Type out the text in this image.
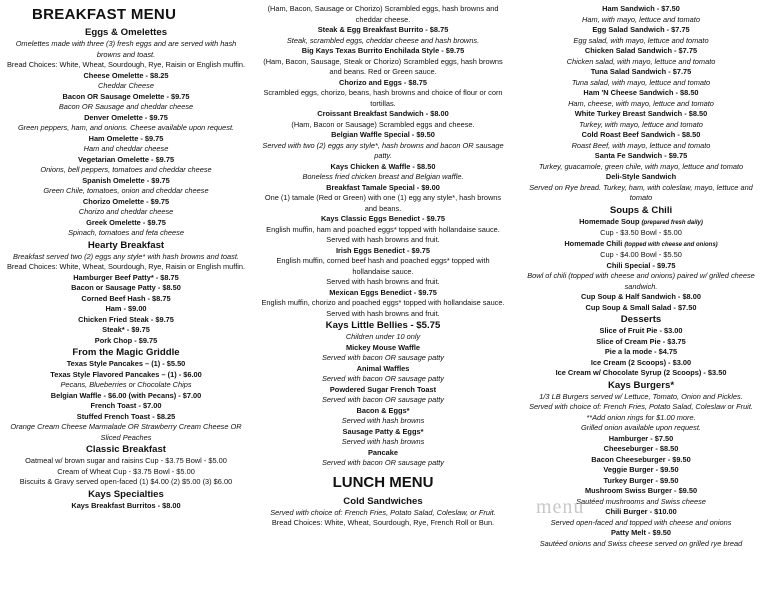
BREAKFAST MENU
Eggs & Omelettes
Omelettes made with three (3) fresh eggs and are served with hash browns and toast.
Bread Choices: White, Wheat, Sourdough, Rye, Raisin or English muffin.
Cheese Omelette - $8.25
Cheddar Cheese
Bacon OR Sausage Omelette - $9.75
Bacon OR Sausage and cheddar cheese
Denver Omelette - $9.75
Green peppers, ham, and onions. Cheese available upon request.
Ham Omelette - $9.75
Ham and cheddar cheese
Vegetarian Omelette - $9.75
Onions, bell peppers, tomatoes and cheddar cheese
Spanish Omelette - $9.75
Green Chile, tomatoes, onion and cheddar cheese
Chorizo Omelette - $9.75
Chorizo and cheddar cheese
Greek Omelette - $9.75
Spinach, tomatoes and feta cheese
Hearty Breakfast
Breakfast served two (2) eggs any style* with hash browns and toast.
Bread Choices: White, Wheat, Sourdough, Rye, Raisin or English muffin.
Hamburger Beef Patty* - $8.75
Bacon or Sausage Patty - $8.50
Corned Beef Hash - $8.75
Ham - $9.00
Chicken Fried Steak - $9.75
Steak* - $9.75
Pork Chop - $9.75
From the Magic Griddle
Texas Style Pancakes – (1) - $5.50
Texas Style Flavored Pancakes – (1) - $6.00
Pecans, Blueberries or Chocolate Chips
Belgian Waffle - $6.00 (with Pecans) - $7.00
French Toast - $7.00
Stuffed French Toast - $8.25
Orange Cream Cheese Marmalade OR Strawberry Cream Cheese OR Sliced Peaches
Classic Breakfast
Oatmeal w/ brown sugar and raisins Cup - $3.75 Bowl - $5.00
Cream of Wheat Cup - $3.75 Bowl - $5.00
Biscuits & Gravy served open-faced (1) $4.00 (2) $5.00 (3) $6.00
Kays Specialties
Kays Breakfast Burritos - $8.00
(Ham, Bacon, Sausage or Chorizo) Scrambled eggs, hash browns and cheddar cheese.
Steak & Egg Breakfast Burrito - $8.75
Steak, scrambled eggs, cheddar cheese and hash browns.
Big Kays Texas Burrito Enchilada Style - $9.75
(Ham, Bacon, Sausage, Steak or Chorizo) Scrambled eggs, hash browns and beans. Red or Green sauce.
Chorizo and Eggs - $8.75
Scrambled eggs, chorizo, beans, hash browns and choice of flour or corn tortillas.
Croissant Breakfast Sandwich - $8.00
(Ham, Bacon or Sausage) Scrambled eggs and cheese.
Belgian Waffle Special - $9.50
Served with two (2) eggs any style*, hash browns and bacon OR sausage patty.
Kays Chicken & Waffle - $8.50
Boneless fried chicken breast and Belgian waffle.
Breakfast Tamale Special - $9.00
One (1) tamale (Red or Green) with one (1) egg any style*, hash browns and beans.
Kays Classic Eggs Benedict - $9.75
English muffin, ham and poached eggs* topped with hollandaise sauce.
Served with hash browns and fruit.
Irish Eggs Benedict - $9.75
English muffin, corned beef hash and poached eggs* topped with hollandaise sauce.
Served with hash browns and fruit.
Mexican Eggs Benedict - $9.75
English muffin, chorizo and poached eggs* topped with hollandaise sauce.
Served with hash browns and fruit.
Kays Little Bellies - $5.75
Children under 10 only
Mickey Mouse Waffle
Served with bacon OR sausage patty
Animal Waffles
Served with bacon OR sausage patty
Powdered Sugar French Toast
Served with bacon OR sausage patty
Bacon & Eggs*
Served with hash browns
Sausage Patty & Eggs*
Served with hash browns
Pancake
Served with bacon OR sausage patty
LUNCH MENU
Cold Sandwiches
Served with choice of: French Fries, Potato Salad, Coleslaw, or Fruit.
Bread Choices: White, Wheat, Sourdough, Rye, French Roll or Bun.
Ham Sandwich - $7.50
Ham, with mayo, lettuce and tomato
Egg Salad Sandwich - $7.75
Egg salad, with mayo, lettuce and tomato
Chicken Salad Sandwich - $7.75
Chicken salad, with mayo, lettuce and tomato
Tuna Salad Sandwich - $7.75
Tuna salad, with mayo, lettuce and tomato
Ham 'N Cheese Sandwich - $8.50
Ham, cheese, with mayo, lettuce and tomato
White Turkey Breast Sandwich - $8.50
Turkey, with mayo, lettuce and tomato
Cold Roast Beef Sandwich - $8.50
Roast Beef, with mayo, lettuce and tomato
Santa Fe Sandwich - $9.75
Turkey, guacamole, green chile, with mayo, lettuce and tomato
Deli-Style Sandwich
Served on Rye bread. Turkey, ham, with coleslaw, mayo, lettuce and tomato
Soups & Chili
Homemade Soup (prepared fresh daily)
Cup - $3.50 Bowl - $5.00
Homemade Chili (topped with cheese and onions)
Cup - $4.00 Bowl - $5.50
Chili Special - $9.75
Bowl of chili (topped with cheese and onions) paired w/ grilled cheese sandwich.
Cup Soup & Half Sandwich - $8.00
Cup Soup & Small Salad - $7.50
Desserts
Slice of Fruit Pie - $3.00
Slice of Cream Pie - $3.75
Pie a la mode - $4.75
Ice Cream (2 Scoops) - $3.00
Ice Cream w/ Chocolate Syrup (2 Scoops) - $3.50
Kays Burgers*
1/3 LB Burgers served w/ Lettuce, Tomato, Onion and Pickles.
Served with choice of: French Fries, Potato Salad, Coleslaw or Fruit.
**Add onion rings for $1.00 more.
Grilled onion available upon request.
Hamburger - $7.50
Cheeseburger - $8.50
Bacon Cheeseburger - $9.50
Veggie Burger - $9.50
Turkey Burger - $9.50
Mushroom Swiss Burger - $9.50
Sautéed mushrooms and Swiss cheese
Chili Burger - $10.00
Served open-faced and topped with cheese and onions
Patty Melt - $9.50
Sautéed onions and Swiss cheese served on grilled rye bread
menu
